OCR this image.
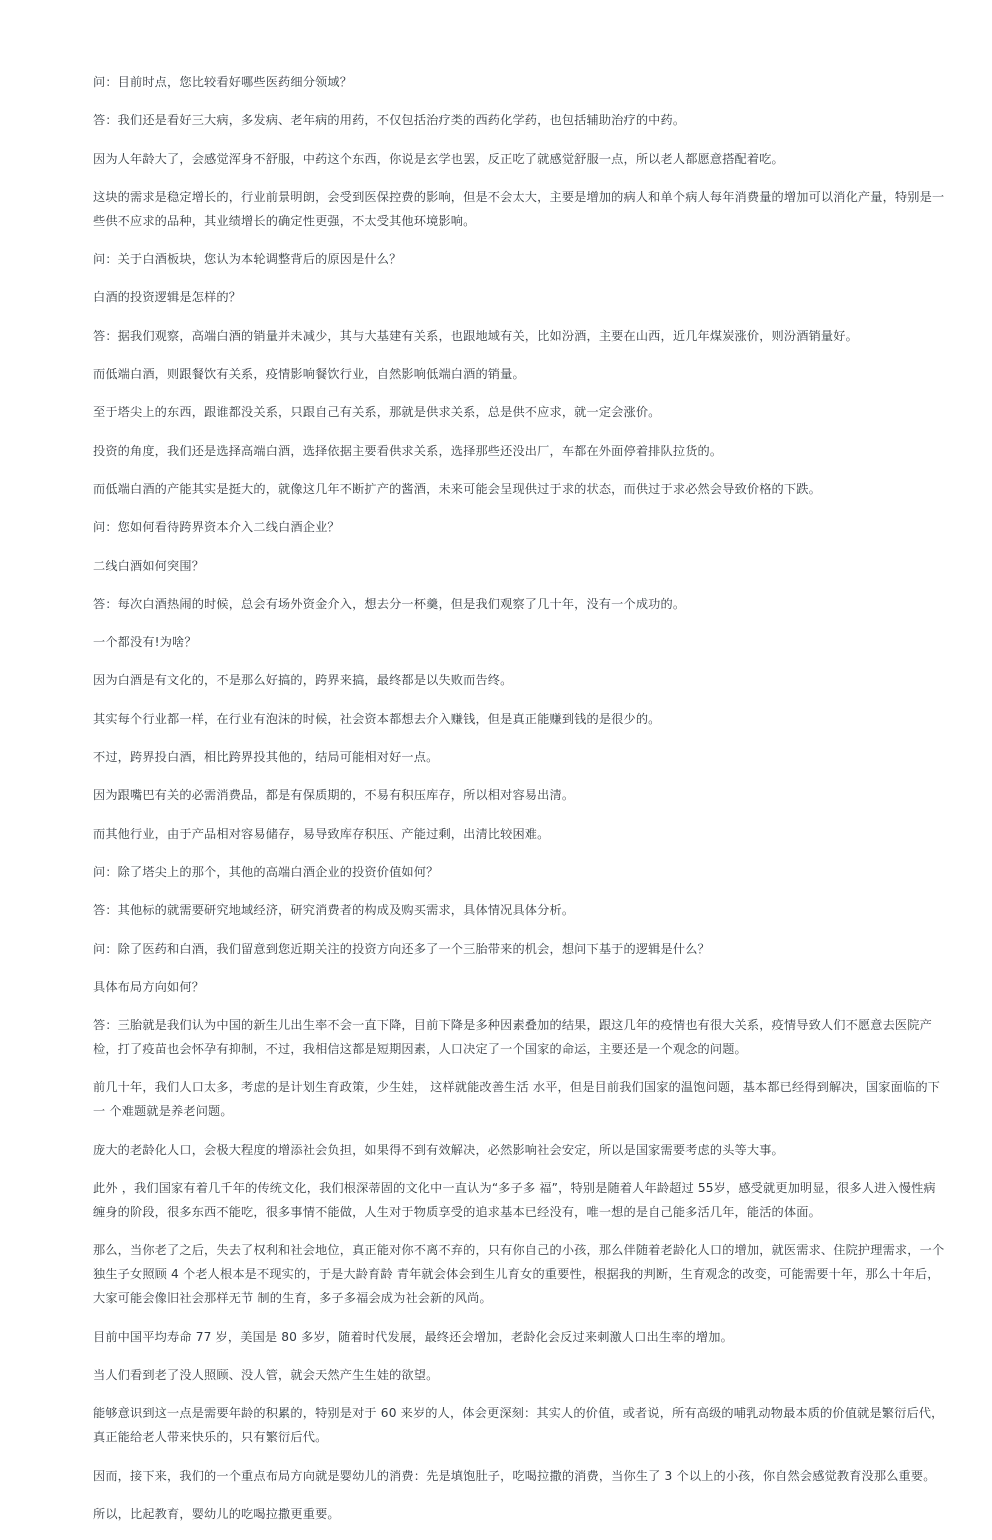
问：目前时点，您比较看好哪些医药细分领域？

答：我们还是看好三大病，多发病、老年病的用药，不仅包括治疗类的西药化学药，也包括辅助治疗的中药。

因为人年龄大了，会感觉浑身不舒服，中药这个东西，你说是玄学也罢，反正吃了就感觉舒服一点，所以老人都愿意搭配着吃。

这块的需求是稳定增长的，行业前景明朗，会受到医保控费的影响，但是不会太大，主要是增加的病人和单个病人每年消费量的增加可以消化产量，特别是一些供不应求的品种，其业绩增长的确定性更强，不太受其他环境影响。

问：关于白酒板块，您认为本轮调整背后的原因是什么？

白酒的投资逻辑是怎样的？

答：据我们观察，高端白酒的销量并未减少，其与大基建有关系，也跟地域有关，比如汾酒，主要在山西，近几年煤炭涨价，则汾酒销量好。

而低端白酒，则跟餐饮有关系，疫情影响餐饮行业，自然影响低端白酒的销量。

至于塔尖上的东西，跟谁都没关系，只跟自己有关系，那就是供求关系，总是供不应求，就一定会涨价。

投资的角度，我们还是选择高端白酒，选择依据主要看供求关系，选择那些还没出厂，车都在外面停着排队拉货的。

而低端白酒的产能其实是挺大的，就像这几年不断扩产的酱酒，未来可能会呈现供过于求的状态，而供过于求必然会导致价格的下跌。

问：您如何看待跨界资本介入二线白酒企业？

二线白酒如何突围？

答：每次白酒热闹的时候，总会有场外资金介入，想去分一杯羹，但是我们观察了几十年，没有一个成功的。

一个都没有!为啥？

因为白酒是有文化的，不是那么好搞的，跨界来搞，最终都是以失败而告终。

其实每个行业都一样，在行业有泡沫的时候，社会资本都想去介入赚钱，但是真正能赚到钱的是很少的。

不过，跨界投白酒，相比跨界投其他的，结局可能相对好一点。

因为跟嘴巴有关的必需消费品，都是有保质期的，不易有积压库存，所以相对容易出清。

而其他行业，由于产品相对容易储存，易导致库存积压、产能过剩，出清比较困难。

问：除了塔尖上的那个，其他的高端白酒企业的投资价值如何？

答：其他标的就需要研究地域经济，研究消费者的构成及购买需求，具体情况具体分析。

问：除了医药和白酒，我们留意到您近期关注的投资方向还多了一个三胎带来的机会，想问下基于的逻辑是什么？

具体布局方向如何？

答：三胎就是我们认为中国的新生儿出生率不会一直下降，目前下降是多种因素叠加的结果，跟这几年的疫情也有很大关系，疫情导致人们不愿意去医院产检，打了疫苗也会怀孕有抑制，不过，我相信这都是短期因素，人口决定了一个国家的命运，主要还是一个观念的问题。

前几十年，我们人口太多，考虑的是计划生育政策，少生娃， 这样就能改善生活 水平，但是目前我们国家的温饱问题，基本都已经得到解决，国家面临的下一 个难题就是养老问题。

庞大的老龄化人口，会极大程度的增添社会负担，如果得不到有效解决，必然影响社会安定，所以是国家需要考虑的头等大事。

此外 ，我们国家有着几千年的传统文化，我们根深蒂固的文化中一直认为“多子多 福”，特别是随着人年龄超过 55岁，感受就更加明显，很多人进入慢性病缠身的阶段，很多东西不能吃，很多事情不能做，人生对于物质享受的追求基本已经没有，唯一想的是自己能多活几年，能活的体面。

那么，当你老了之后，失去了权利和社会地位，真正能对你不离不弃的，只有你自己的小孩，那么伴随着老龄化人口的增加，就医需求、住院护理需求，一个独生子女照顾 4 个老人根本是不现实的，于是大龄育龄 青年就会体会到生儿育女的重要性，根据我的判断，生育观念的改变，可能需要十年，那么十年后，大家可能会像旧社会那样无节 制的生育，多子多福会成为社会新的风尚。

目前中国平均寿命 77 岁，美国是 80 多岁，随着时代发展，最终还会增加，老龄化会反过来刺激人口出生率的增加。

当人们看到老了没人照顾、没人管，就会天然产生生娃的欲望。

能够意识到这一点是需要年龄的积累的，特别是对于 60 来岁的人，体会更深刻：其实人的价值，或者说，所有高级的哺乳动物最本质的价值就是繁衍后代，真正能给老人带来快乐的，只有繁衍后代。

因而，接下来，我们的一个重点布局方向就是婴幼儿的消费：先是填饱肚子，吃喝拉撒的消费，当你生了 3 个以上的小孩，你自然会感觉教育没那么重要。

所以，比起教育，婴幼儿的吃喝拉撒更重要。
